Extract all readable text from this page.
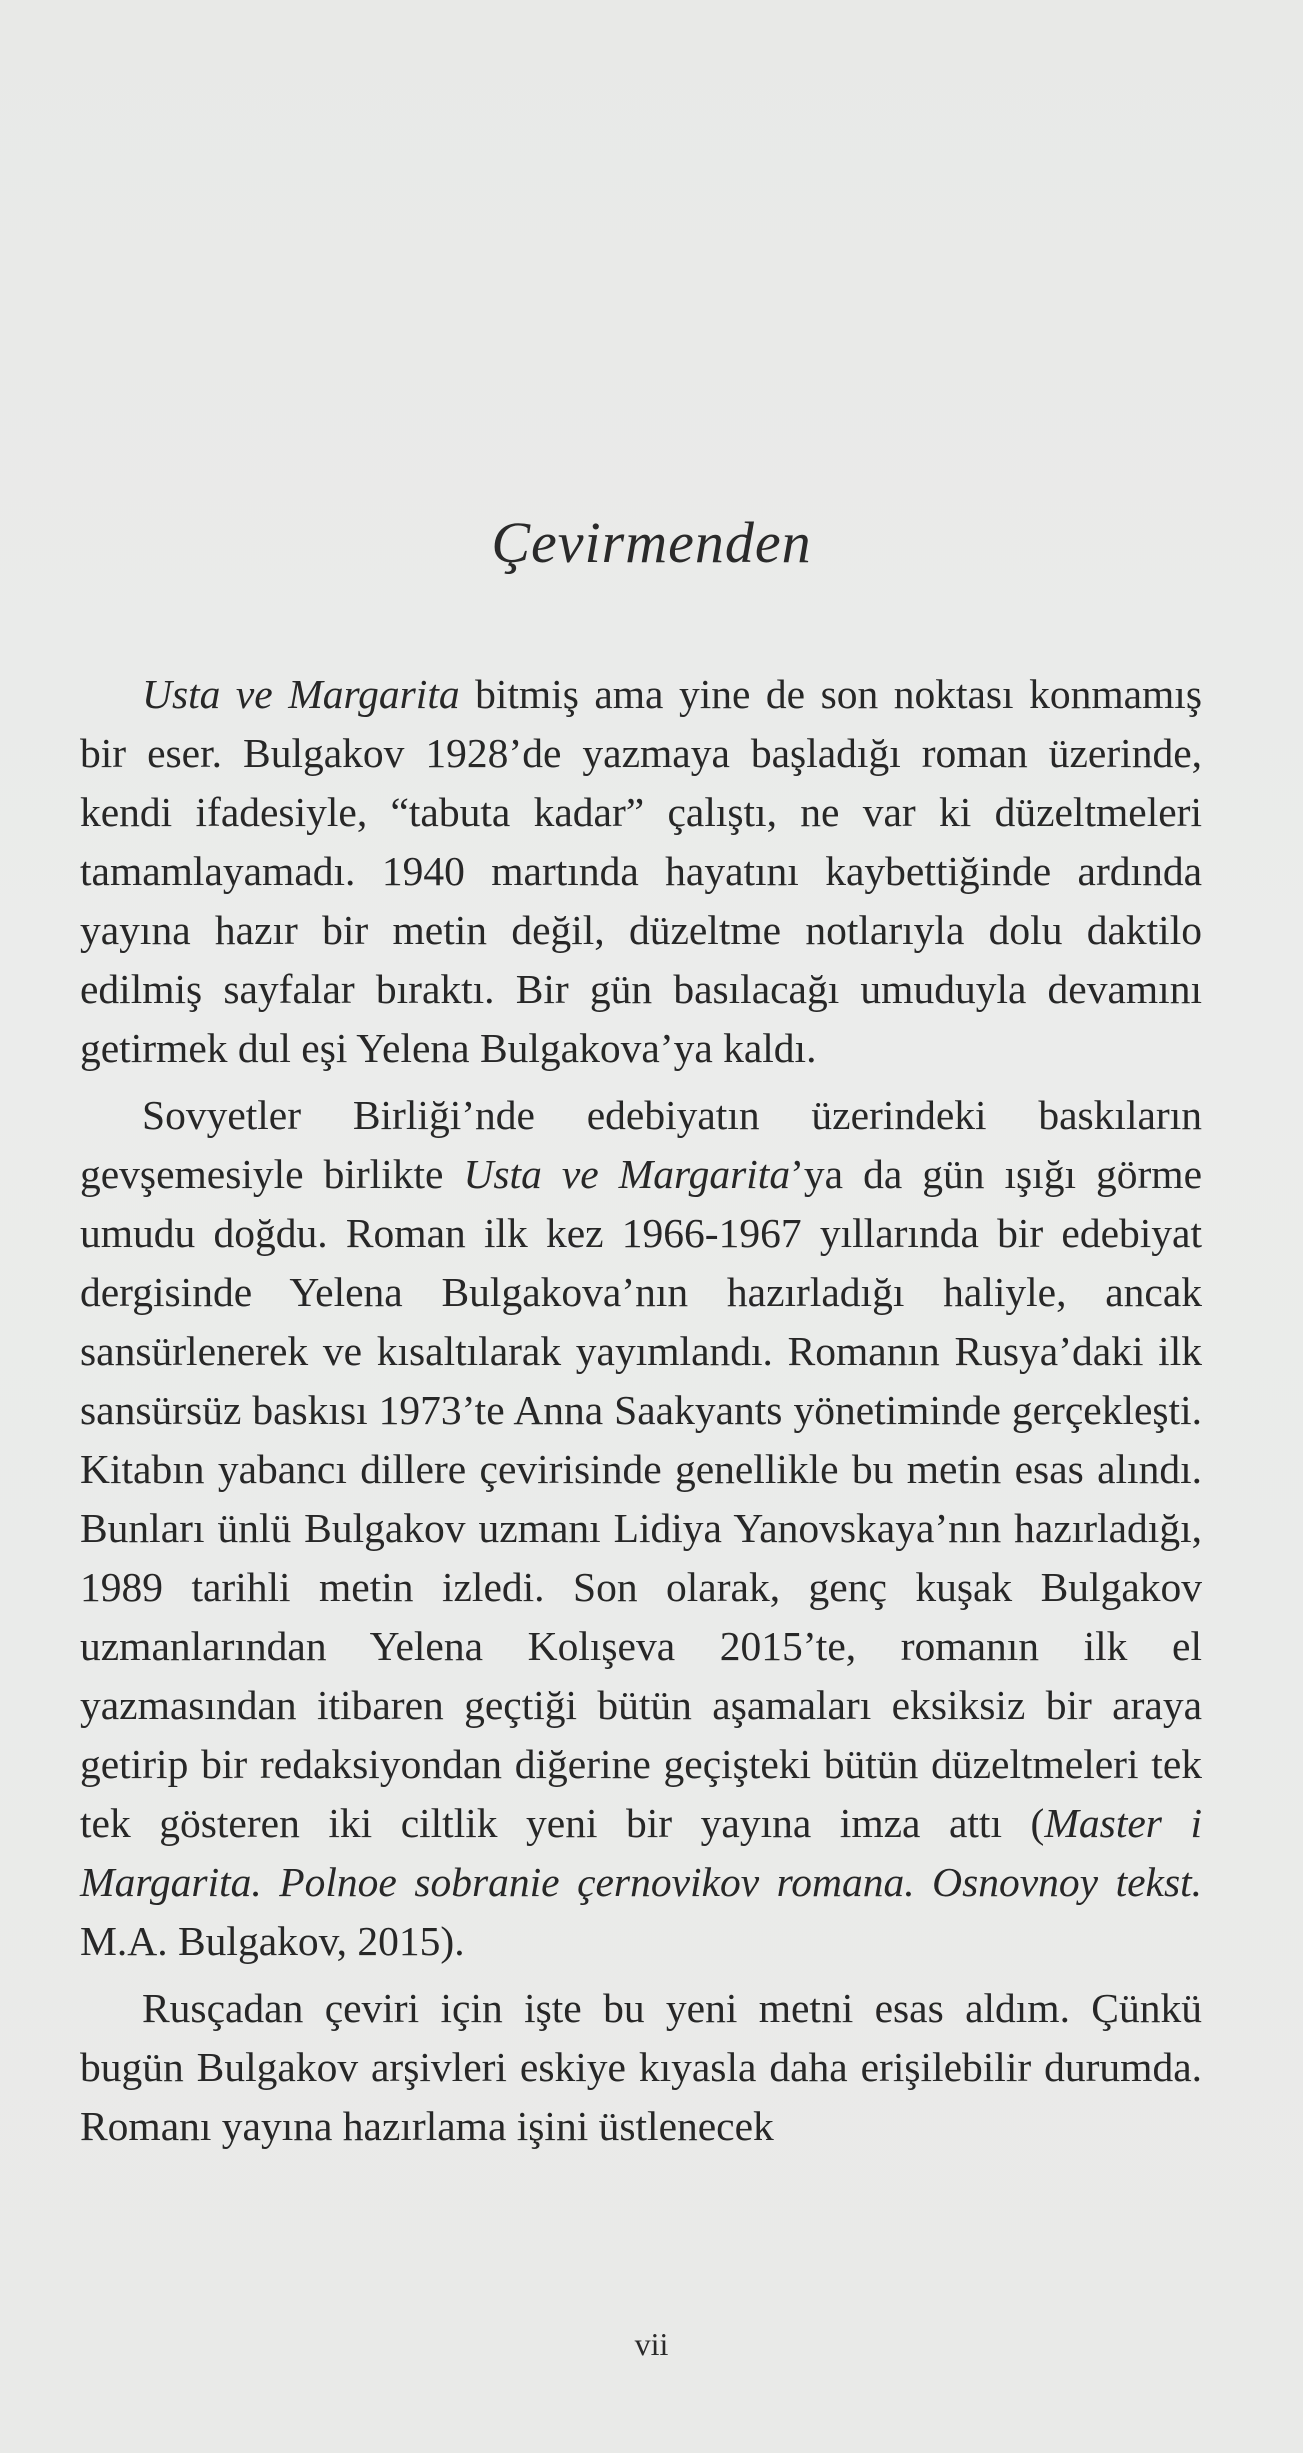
Çevirmenden

Usta ve Margarita bitmiş ama yine de son noktası konmamış bir eser. Bulgakov 1928’de yazmaya başladığı roman üzerinde, kendi ifadesiyle, “tabuta kadar” çalıştı, ne var ki düzeltmeleri tamamlayamadı. 1940 martında hayatını kaybettiğinde ardında yayına hazır bir metin değil, düzeltme notlarıyla dolu daktilo edilmiş sayfalar bıraktı. Bir gün basılacağı umuduyla devamını getirmek dul eşi Yelena Bulgakova’ya kaldı.

Sovyetler Birliği’nde edebiyatın üzerindeki baskıların gevşemesiyle birlikte Usta ve Margarita’ya da gün ışığı görme umudu doğdu. Roman ilk kez 1966-1967 yıllarında bir edebiyat dergisinde Yelena Bulgakova’nın hazırladığı haliyle, ancak sansürlenerek ve kısaltılarak yayımlandı. Romanın Rusya’daki ilk sansürsüz baskısı 1973’te Anna Saakyants yönetiminde gerçekleşti. Kitabın yabancı dillere çevirisinde genellikle bu metin esas alındı. Bunları ünlü Bulgakov uzmanı Lidiya Yanovskaya’nın hazırladığı, 1989 tarihli metin izledi. Son olarak, genç kuşak Bulgakov uzmanlarından Yelena Kolışeva 2015’te, romanın ilk el yazmasından itibaren geçtiği bütün aşamaları eksiksiz bir araya getirip bir redaksiyondan diğerine geçişteki bütün düzeltmeleri tek tek gösteren iki ciltlik yeni bir yayına imza attı (Master i Margarita. Polnoe sobranie çernovikov romana. Osnovnoy tekst. M.A. Bulgakov, 2015).

Rusçadan çeviri için işte bu yeni metni esas aldım. Çünkü bugün Bulgakov arşivleri eskiye kıyasla daha erişilebilir durumda. Romanı yayına hazırlama işini üstlenecek

vii
